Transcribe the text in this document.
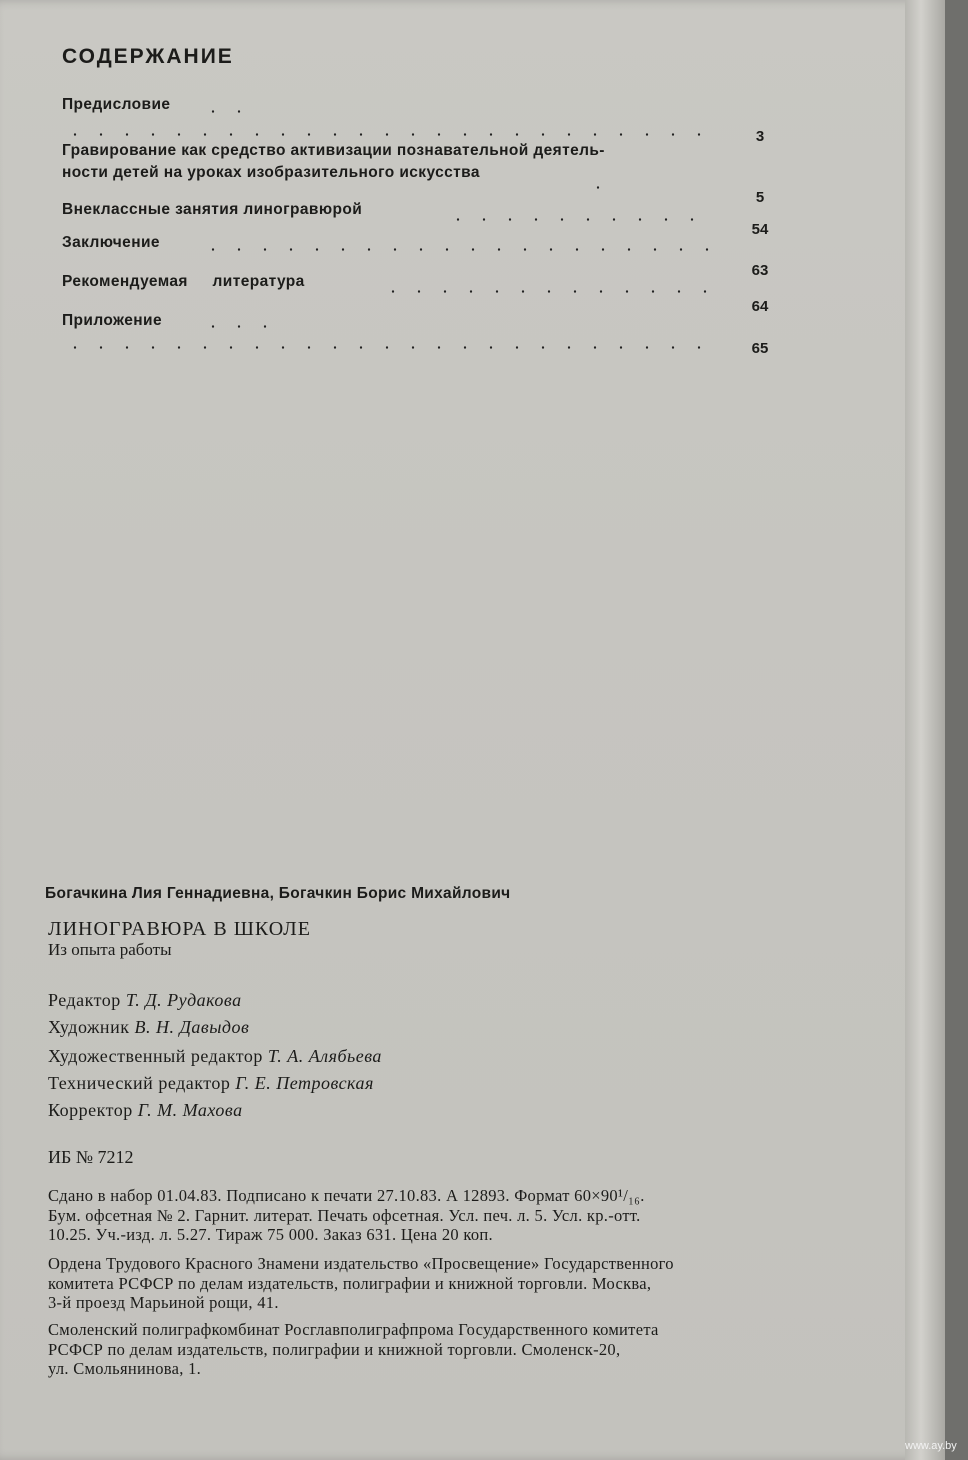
СОДЕРЖАНИЕ
Предисловие
3
Гравирование как средство активизации познавательной деятель-
ности детей на уроках изобразительного искусства
5
Внеклассные занятия линогравюрой
54
Заключение
63
Рекомендуемая литература
64
Приложение
65
Богачкина Лия Геннадиевна, Богачкин Борис Михайлович
ЛИНОГРАВЮРА В ШКОЛЕ
Из опыта работы
Редактор Т. Д. Рудакова
Художник В. Н. Давыдов
Художественный редактор Т. А. Алябьева
Технический редактор Г. Е. Петровская
Корректор Г. М. Махова
ИБ № 7212
Сдано в набор 01.04.83. Подписано к печати 27.10.83. А 12893. Формат 60×90¹/₁₆.
Бум. офсетная № 2. Гарнит. литерат. Печать офсетная. Усл. печ. л. 5. Усл. кр.-отт.
10.25. Уч.-изд. л. 5.27. Тираж 75 000. Заказ 631. Цена 20 коп.
Ордена Трудового Красного Знамени издательство «Просвещение» Государственного
комитета РСФСР по делам издательств, полиграфии и книжной торговли. Москва,
3-й проезд Марьиной рощи, 41.
Смоленский полиграфкомбинат Росглавполиграфпрома Государственного комитета
РСФСР по делам издательств, полиграфии и книжной торговли. Смоленск-20,
ул. Смольянинова, 1.
www.ay.by
